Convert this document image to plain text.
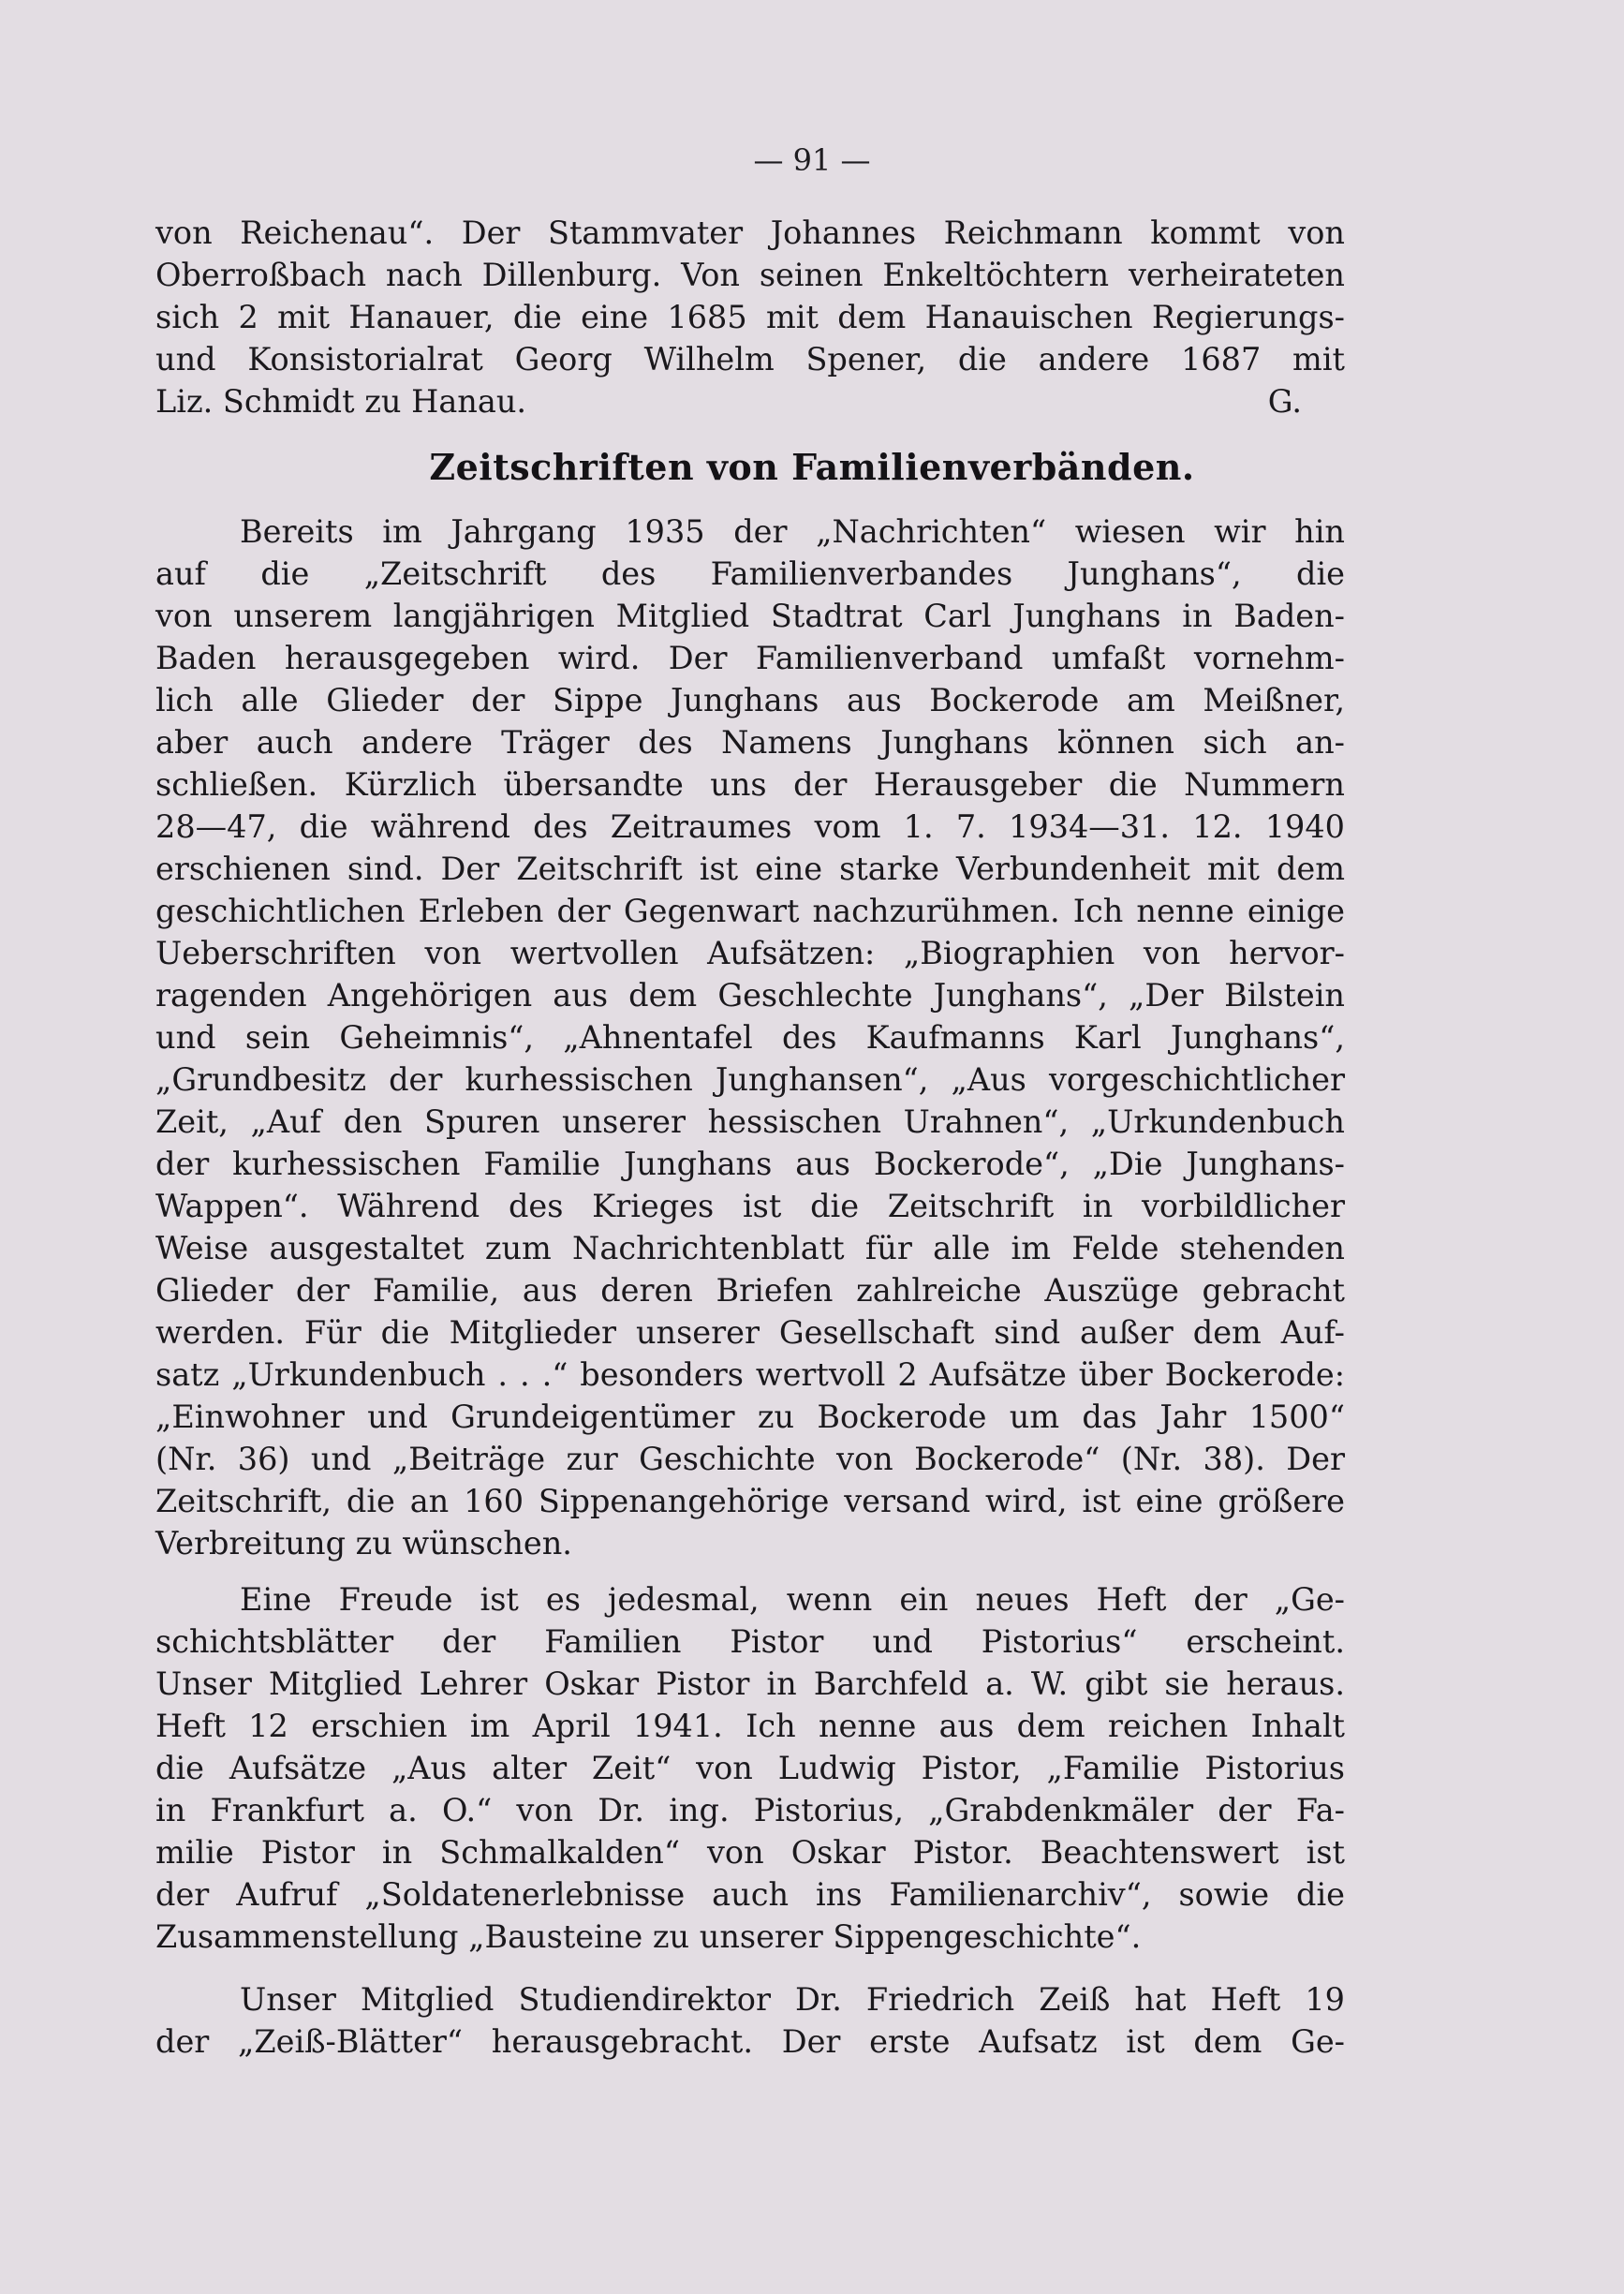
— 91 —
von Reichenau“. Der Stammvater Johannes Reichmann kommt von
Oberroßbach nach Dillenburg. Von seinen Enkeltöchtern verheirateten
sich 2 mit Hanauer, die eine 1685 mit dem Hanauischen Regierungs-
und Konsistorialrat Georg Wilhelm Spener, die andere 1687 mit
Liz. Schmidt zu Hanau.	G.
Zeitschriften von Familienverbänden.
Bereits im Jahrgang 1935 der „Nachrichten“ wiesen wir hin
auf die „Zeitschrift des Familienverbandes Junghans“, die
von unserem langjährigen Mitglied Stadtrat Carl Junghans in Baden-
Baden herausgegeben wird. Der Familienverband umfaßt vornehm-
lich alle Glieder der Sippe Junghans aus Bockerode am Meißner,
aber auch andere Träger des Namens Junghans können sich an-
schließen. Kürzlich übersandte uns der Herausgeber die Nummern
28—47, die während des Zeitraumes vom 1. 7. 1934—31. 12. 1940
erschienen sind. Der Zeitschrift ist eine starke Verbundenheit mit dem
geschichtlichen Erleben der Gegenwart nachzurühmen. Ich nenne einige
Ueberschriften von wertvollen Aufsätzen: „Biographien von hervor-
ragenden Angehörigen aus dem Geschlechte Junghans“, „Der Bilstein
und sein Geheimnis“, „Ahnentafel des Kaufmanns Karl Junghans“,
„Grundbesitz der kurhessischen Junghansen“, „Aus vorgeschichtlicher
Zeit, „Auf den Spuren unserer hessischen Urahnen“, „Urkundenbuch
der kurhessischen Familie Junghans aus Bockerode“, „Die Junghans-
Wappen“. Während des Krieges ist die Zeitschrift in vorbildlicher
Weise ausgestaltet zum Nachrichtenblatt für alle im Felde stehenden
Glieder der Familie, aus deren Briefen zahlreiche Auszüge gebracht
werden. Für die Mitglieder unserer Gesellschaft sind außer dem Auf-
satz „Urkundenbuch . . .“ besonders wertvoll 2 Aufsätze über Bockerode:
„Einwohner und Grundeigentümer zu Bockerode um das Jahr 1500“
(Nr. 36) und „Beiträge zur Geschichte von Bockerode“ (Nr. 38). Der
Zeitschrift, die an 160 Sippenangehörige versand wird, ist eine größere
Verbreitung zu wünschen.
Eine Freude ist es jedesmal, wenn ein neues Heft der „Ge-
schichtsblätter der Familien Pistor und Pistorius“ erscheint.
Unser Mitglied Lehrer Oskar Pistor in Barchfeld a. W. gibt sie heraus.
Heft 12 erschien im April 1941. Ich nenne aus dem reichen Inhalt
die Aufsätze „Aus alter Zeit“ von Ludwig Pistor, „Familie Pistorius
in Frankfurt a. O.“ von Dr. ing. Pistorius, „Grabdenkmäler der Fa-
milie Pistor in Schmalkalden“ von Oskar Pistor. Beachtenswert ist
der Aufruf „Soldatenerlebnisse auch ins Familienarchiv“, sowie die
Zusammenstellung „Bausteine zu unserer Sippengeschichte“.
Unser Mitglied Studiendirektor Dr. Friedrich Zeiß hat Heft 19
der „Zeiß-Blätter“ herausgebracht. Der erste Aufsatz ist dem Ge-
